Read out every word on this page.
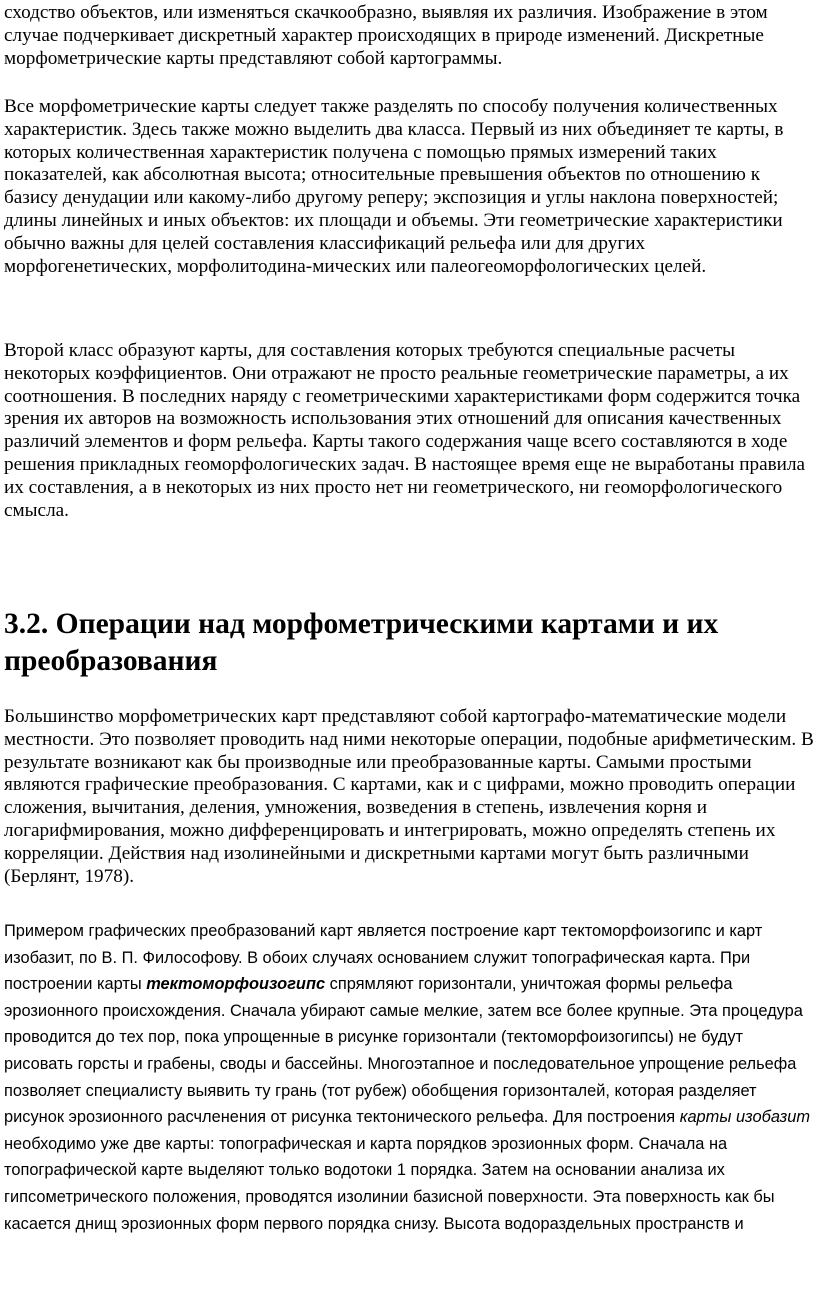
сходство объектов, или изменяться скачкообразно, выявляя их различия. Изображение в этом случае подчеркивает дискретный характер происходящих в природе изменений. Дискретные морфометрические карты представляют собой картограммы.

Все морфометрические карты следует также разделять по способу получения количественных характеристик. Здесь также можно выделить два класса. Первый из них объединяет те карты, в которых количественная характеристик получена с помощью прямых измерений таких показателей, как абсолютная высота; относительные превышения объектов по отношению к базису денудации или какому-либо другому реперу; экспозиция и углы наклона поверхностей; длины линейных и иных объектов: их площади и объемы. Эти геометрические характеристики обычно важны для целей составления классификаций рельефа или для других морфогенетических, морфолитодина-мических или палеогеоморфологических целей.

Второй класс образуют карты, для составления которых требуются специальные расчеты некоторых коэффициентов. Они отражают не просто реальные геометрические параметры, а их соотношения. В последних наряду с геометрическими характеристиками форм содержится точка зрения их авторов на возможность использования этих отношений для описания качественных различий элементов и форм рельефа. Карты такого содержания чаще всего составляются в ходе решения прикладных геоморфологических задач. В настоящее время еще не выработаны правила их составления, а в некоторых из них просто нет ни геометрического, ни геоморфологического смысла.

3.2. Операции над морфометрическими картами и их преобразования

Большинство морфометрических карт представляют собой картографо-математические модели местности. Это позволяет проводить над ними некоторые операции, подобные арифметическим. В результате возникают как бы производные или преобразованные карты. Самыми простыми являются графические преобразования. С картами, как и с цифрами, можно проводить операции сложения, вычитания, деления, умножения, возведения в степень, извлечения корня и логарифмирования, можно дифференцировать и интегрировать, можно определять степень их корреляции. Действия над изолинейными и дискретными картами могут быть различными (Берлянт, 1978).

Примером графических преобразований карт является построение карт тектоморфоизогипс и карт изобазит, по В. П. Философову. В обоих случаях основанием служит топографическая карта. При построении карты тектоморфоизогипс спрямляют горизонтали, уничтожая формы рельефа эрозионного происхождения. Сначала убирают самые мелкие, затем все более крупные. Эта процедура проводится до тех пор, пока упрощенные в рисунке горизонтали (тектоморфоизогипсы) не будут рисовать горсты и грабены, своды и бассейны. Многоэтапное и последовательное упрощение рельефа позволяет специалисту выявить ту грань (тот рубеж) обобщения горизонталей, которая разделяет рисунок эрозионного расчленения от рисунка тектонического рельефа. Для построения карты изобазит необходимо уже две карты: топографическая и карта порядков эрозионных форм. Сначала на топографической карте выделяют только водотоки 1 порядка. Затем на основании анализа их гипсометрического положения, проводятся изолинии базисной поверхности. Эта поверхность как бы касается днищ эрозионных форм первого порядка снизу. Высота водораздельных пространств и
